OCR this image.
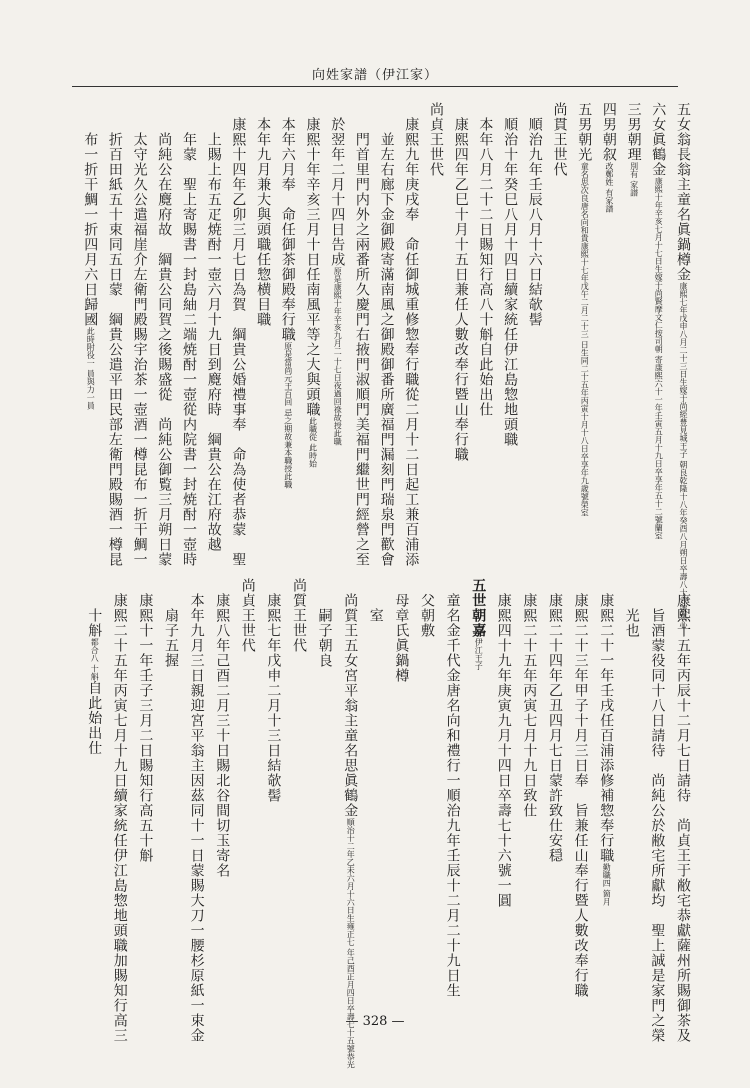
向姓家譜（伊江家）
五女翁長翁主童名眞鍋樽金康熙七年戊申八月二十三日生嫁于尚經豊見城王子 朝良乾隆十八年癸酉八月朔日卒壽八十六號慈心
六女眞鶴金康熙十年辛亥七月十七日生嫁于尚賢摩文仁按司朝 寄康熙六十一年壬寅五月十九日卒享年五十二號蘭室
三男朝理別有 家譜
四男朝叙改鄭姓 有家譜
五男朝光童名思次良唐名向和貴康熙十七年戊午二月二十三 日生同二十五年丙寅十月十八日卒享年九歳號榮室
尚貫王世代
　順治九年壬辰八月十六日結欹髻
　順治十年癸巳八月十四日續家統任伊江島惣地頭職
　本年八月二十二日賜知行高八十斛自此始出仕
　康熙四年乙巳十月十五日兼任人數改奉行暨山奉行職
尚貞王世代
　康熙九年庚戌奉　命任御城重修惣奉行職從二月十二日起工兼百浦添
　　並左右廊下金御殿寄滿南風之御殿御番所廣福門漏刻門瑞泉門歡會
　　門首里門内外之兩番所久慶門右掖門淑順門美福門繼世門經營之至
　於翌年二月十四日告成原是康熙十年辛亥九月二 十七日夜過回祿故授此職
　康熙十年辛亥三月十日任南風平等之大與頭職此職從 此時始
　本年六月奉　命任御茶御殿奉行職原是當尚元王百回 忌之期故兼本職授此職
　本年九月兼大與頭職任惣横目職
　康熙十四年乙卯三月七日為賀　綱貴公婚禮事奉　命為使者恭蒙　聖
　　上賜上布五疋焼酎一壺六月十九日到麑府時　綱貴公在江府故越
　　年蒙　聖上寄賜書一封島紬二端焼酎一壺從内院書一封焼酎一壺時
　　尚純公在麑府故　綱貴公同賀之後賜盛從　尚純公御覧三月朔日蒙
　　太守光久公遣福崖介左衛門殿賜宇治茶一壺酒一樽昆布一折干鯛一
　　折百田紙五十束同五日蒙　綱貴公遣平田民部左衛門殿賜酒一樽昆
　　布一折干鯛一折四月六日歸國此時附役一 員與力一員
　康熙十五年丙辰十二月七日請待　尚貞王于敝宅恭獻薩州所賜御茶及
　　旨酒蒙役同十八日請待　尚純公於敝宅所獻均　聖上誠是家門之榮
　　光也
　康熙二十一年壬戌任百浦添修補惣奉行職勤職四 箇月
　康熙二十三年甲子十月三日奉　旨兼任山奉行暨人數改奉行職
　康熙二十四年乙丑四月七日蒙許致仕安穏
　康熙二十五年丙寅七月十九日致仕
　康熙四十九年庚寅九月十四日卒壽七十六號一圓
五世朝嘉伊江王子
　童名金千代金唐名向和禮行一順治九年壬辰十二月二十九日生
　父朝敷
　母章氏眞鍋樽
　　室
　尚質王五女宮平翁主童名思眞鶴金順治十二年乙未六月十六日生雍正七 年己酉正月四日卒壽七十五號恭光
　　嗣子朝良
尚質王世代
　康熙七年戊申二月十三日結欹髻
尚貞王世代
　康熙八年己酉二月三十日賜北谷間切玉寄名
　本年九月三日親迎宮平翁主因茲同十一日蒙賜大刀一腰杉原紙一束金
　　扇子五握
　康熙十一年壬子三月二日賜知行高五十斛
　康熙二十五年丙寅七月十九日續家統任伊江島惣地頭職加賜知行高三
　　十斛都合八 十斛自此始出仕
— 328 —
